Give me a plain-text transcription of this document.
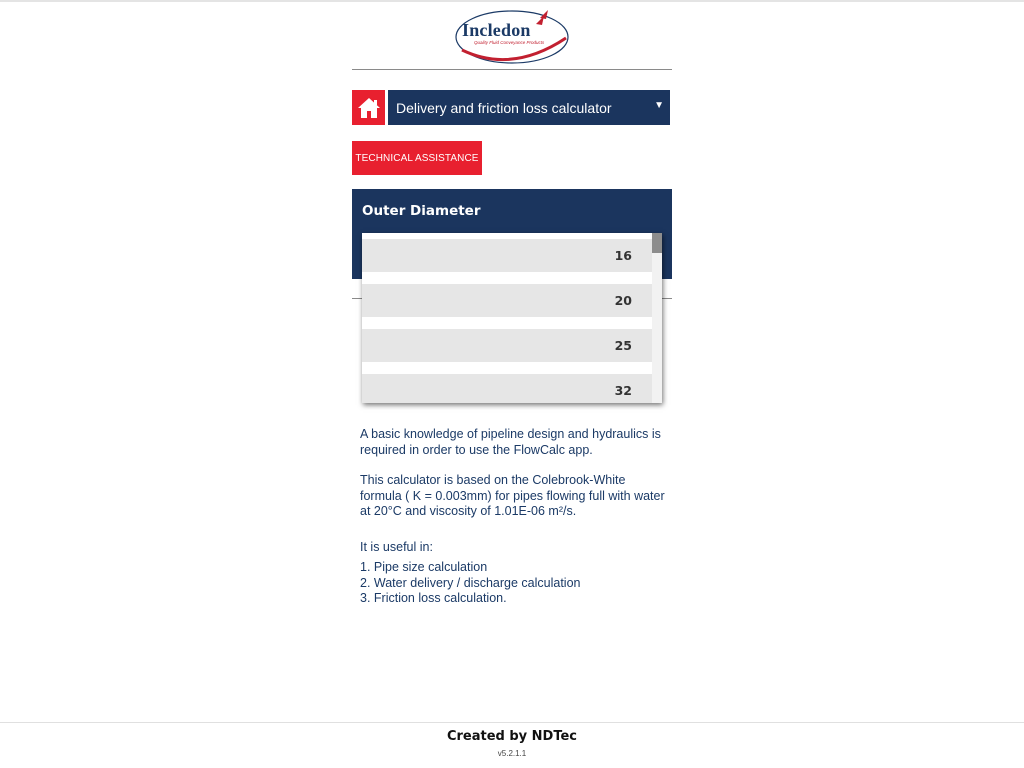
Incledon
Quality Fluid Conveyance Products
Delivery and friction loss calculator	▼
TECHNICAL ASSISTANCE
Outer Diameter
16
20
25
32

A basic knowledge of pipeline design and hydraulics is required in order to use the FlowCalc app.

This calculator is based on the Colebrook-White formula ( K = 0.003mm) for pipes flowing full with water at 20°C and viscosity of 1.01E-06 m²/s.

It is useful in:

1. Pipe size calculation

2. Water delivery / discharge calculation

3. Friction loss calculation.

Created by NDTec
v5.2.1.1
